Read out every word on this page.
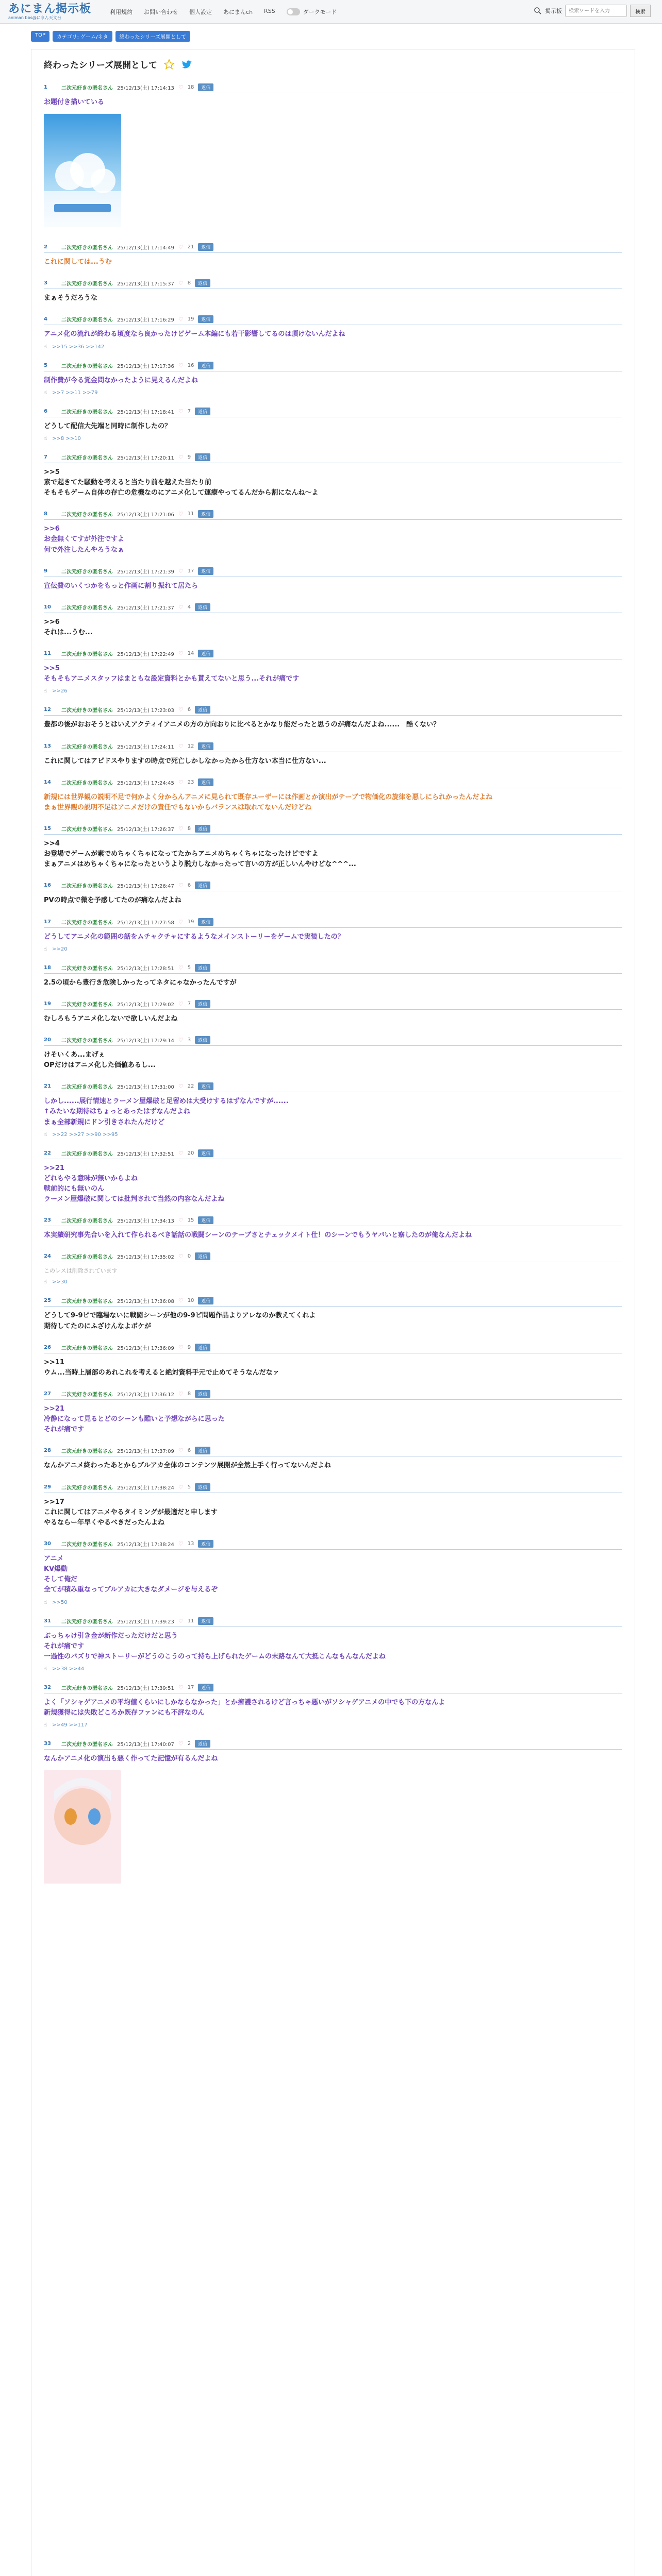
あにまん掲示板
animan bbs@にまん天文台
利用規約 お問い合わせ 個人設定 あにまんch RSS	ダークモード	掲示板
検索ワードを入力	検索
TOP	カテゴリ: ゲーム/ネタ	終わったシリーズ展開として
終わったシリーズ展開として
1	二次元好きの匿名さん 25/12/13(土) 17:14:13 ♡ 18	返信
お題付き描いている
2	二次元好きの匿名さん 25/12/13(土) 17:14:49 ♡ 21	返信
これに関しては...うむ
3	二次元好きの匿名さん 25/12/13(土) 17:15:37 ♡ 8	返信
まぁそうだろうな
4	二次元好きの匿名さん 25/12/13(土) 17:16:29 ♡ 19	返信
アニメ化の流れが終わる頃度なら良かったけどゲーム本編にも若干影響してるのは頂けないんだよね
☝ >>15 >>36 >>142
5	二次元好きの匿名さん 25/12/13(土) 17:17:36 ♡ 16	返信
制作費が今る覚金問なかったように見えるんだよね
☝ >>7 >>11 >>79
6	二次元好きの匿名さん 25/12/13(土) 17:18:41 ♡ 7	返信
どうして配信大先端と同時に制作したの？
☝ >>8 >>10
7	二次元好きの匿名さん 25/12/13(土) 17:20:11 ♡ 9	返信
>>5
素で起きてた騒動を考えると当たり前を越えた当たり前
そもそもゲーム自体の存亡の危機なのにアニメ化して運療やってるんだから割になんね～よ
8	二次元好きの匿名さん 25/12/13(土) 17:21:06 ♡ 11	返信
>>6
お金無くてすが外注ですよ
何で外注したんやろうなぁ
9	二次元好きの匿名さん 25/12/13(土) 17:21:39 ♡ 17	返信
宣伝費のいくつかをもっと作画に割り振れて居たら
10	二次元好きの匿名さん 25/12/13(土) 17:21:37 ♡ 4	返信
>>6
それは...うむ...
11	二次元好きの匿名さん 25/12/13(土) 17:22:49 ♡ 14	返信
>>5
そもそもアニメスタッフはまともな設定資料とかも貰えてないと思う...それが痛です
☝ >>26
12	二次元好きの匿名さん 25/12/13(土) 17:23:03 ♡ 6	返信
豊都の後がおおそうとはいえアクティイアニメの方の方向おりに比べるとかなり能だったと思うのが痛なんだよね......　酷くない？
13	二次元好きの匿名さん 25/12/13(土) 17:24:11 ♡ 12	返信
これに関してはアピドスやりますの時点で死亡しかしなかったから仕方ない本当に仕方ない...
14	二次元好きの匿名さん 25/12/13(土) 17:24:45 ♡ 23	返信
新規には世界観の説明不足で何かよく分からんアニメに見られて既存ユーザーには作画とか演出がテーブで物価化の旋律を悪しにられかったんだよね
まぁ世界観の説明不足はアニメだけの責任でもないからバランスは取れてないんだけどね
15	二次元好きの匿名さん 25/12/13(土) 17:26:37 ♡ 8	返信
>>4
お登場でゲームが素でめちゃくちゃになってたからアニメめちゃくちゃになったけどですよ
まぁアニメはめちゃくちゃになったというより脱力しなかったって言いの方が正しいんやけどな^^^...
16	二次元好きの匿名さん 25/12/13(土) 17:26:47 ♡ 6	返信
PVの時点で微を予感してたのが痛なんだよね
17	二次元好きの匿名さん 25/12/13(土) 17:27:58 ♡ 19	返信
どうしてアニメ化の範囲の話をムチャクチャにするようなメインストーリーをゲームで実装したの？
☝ >>20
18	二次元好きの匿名さん 25/12/13(土) 17:28:51 ♡ 5	返信
2.5の頃から豊行き危険しかったってネタにゃなかったんですが
19	二次元好きの匿名さん 25/12/13(土) 17:29:02 ♡ 7	返信
むしろもうアニメ化しないで欲しいんだよね
20	二次元好きの匿名さん 25/12/13(土) 17:29:14 ♡ 3	返信
けそいくあ...まげぇ
OPだけはアニメ化した価値あるし...
21	二次元好きの匿名さん 25/12/13(土) 17:31:00 ♡ 22	返信
しかし......展行情速とラーメン屋爆破と足留めは大受けするはずなんですが......
↑みたいな期待はちょっとあったはずなんだよね
まぁ全部新規にドン引きされたんだけど
☝ >>22 >>27 >>90 >>95
22	二次元好きの匿名さん 25/12/13(土) 17:32:51 ♡ 20	返信
>>21
どれもやる意味が無いからよね
戦前的にも無いのん
ラーメン屋爆破に関しては批判されて当然の内容なんだよね
23	二次元好きの匿名さん 25/12/13(土) 17:34:13 ♡ 15	返信
本実績研究事先合いを入れて作られるべき話話の戦闘シーンのテーブさとチェックメイト仕！のシーンでもうヤバいと察したのが俺なんだよね
24	二次元好きの匿名さん 25/12/13(土) 17:35:02 ♡ 0	返信
このレスは削除されています
☝ >>30
25	二次元好きの匿名さん 25/12/13(土) 17:36:08 ♡ 10	返信
どうして9-9ピで臨場ないに戦闘シーンが他の9-9ピ問題作品よりアレなのか教えてくれよ
期待してたのにふざけんなよボケが
26	二次元好きの匿名さん 25/12/13(土) 17:36:09 ♡ 9	返信
>>11
ウム...当時上層部のあれこれを考えると絶対資料手元で止めてそうなんだなァ
27	二次元好きの匿名さん 25/12/13(土) 17:36:12 ♡ 8	返信
>>21
冷静になって見るとどのシーンも酷いと予想ながらに思った
それが痛です
28	二次元好きの匿名さん 25/12/13(土) 17:37:09 ♡ 6	返信
なんかアニメ終わったあとからブルアカ全体のコンテンツ展開が全然上手く行ってないんだよね
29	二次元好きの匿名さん 25/12/13(土) 17:38:24 ♡ 5	返信
>>17
これに関してはアニメやるタイミングが最適だと申します
やるならー年早くやるべきだったんよね
30	二次元好きの匿名さん 25/12/13(土) 17:38:24 ♡ 13	返信
アニメ
KV爆動
そして俺だ
全てが積み重なってブルアカに大きなダメージを与えるぞ
☝ >>50
31	二次元好きの匿名さん 25/12/13(土) 17:39:23 ♡ 11	返信
ぶっちゃけ引き金が新作だっただけだと思う
それが痛です
一過性のバズりで神ストーリーがどうのこうのって持ち上げられたゲームの末路なんて大抵こんなもんなんだよね
☝ >>38 >>44
32	二次元好きの匿名さん 25/12/13(土) 17:39:51 ♡ 17	返信
よく「ソシャゲアニメの平均値くらいにしかならなかった」とか擁護されるけど言っちゃ悪いがソシャゲアニメの中でも下の方なんよ
新規獲得には失敗どころか既存ファンにも不評なのん
☝ >>49 >>117
33	二次元好きの匿名さん 25/12/13(土) 17:40:07 ♡ 2	返信
なんかアニメ化の演出も悪く作ってた記憶が有るんだよね
